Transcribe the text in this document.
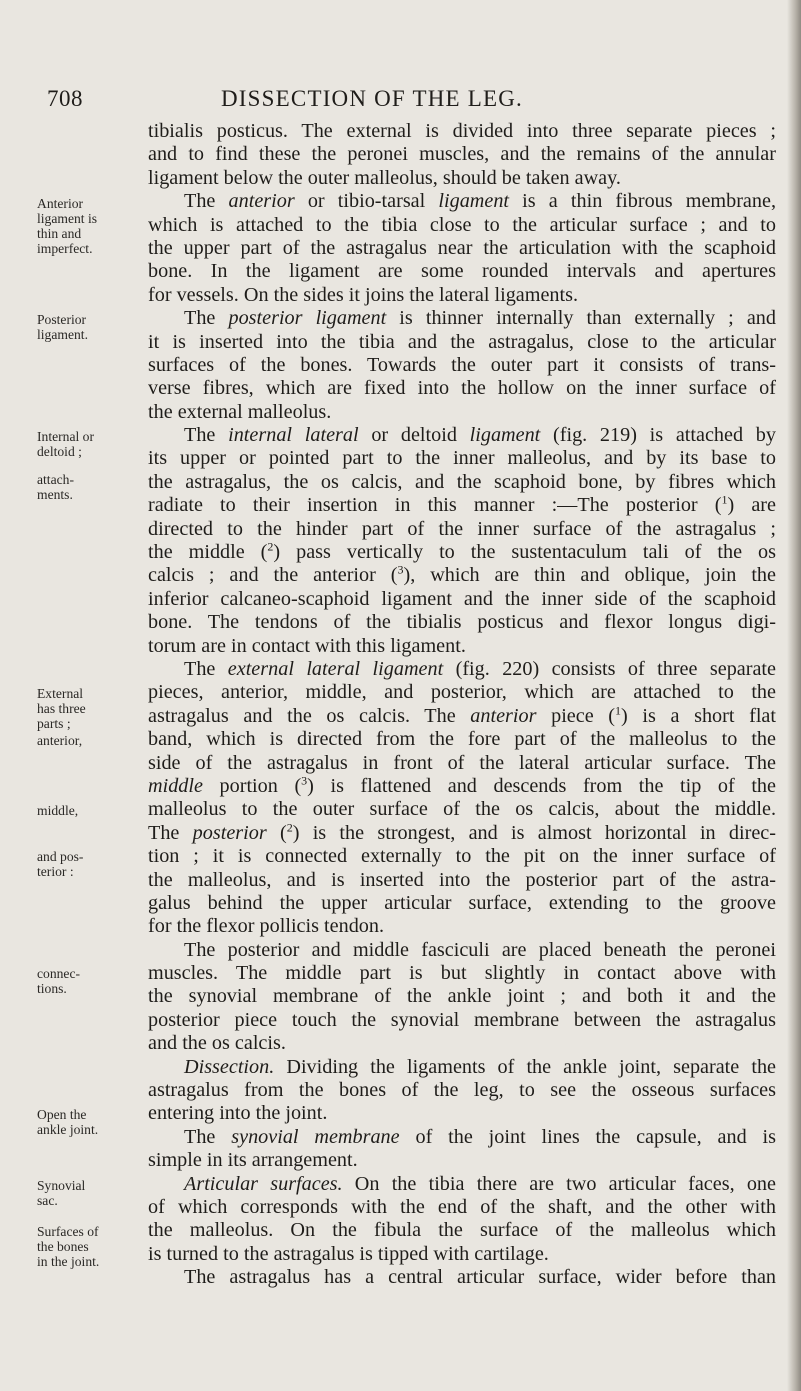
708	DISSECTION OF THE LEG.
Anterior
ligament is
thin and
imperfect.
Posterior
ligament.
Internal or
deltoid ;
attach-
ments.
External
has three
parts ;
anterior,
middle,
and pos-
terior :
connec-
tions.
Open the
ankle joint.
Synovial
sac.
Surfaces of
the bones
in the joint.
tibialis posticus. The external is divided into three separate pieces ;
and to find these the peronei muscles, and the remains of the annular
ligament below the outer malleolus, should be taken away.
The anterior or tibio-tarsal ligament is a thin fibrous membrane,
which is attached to the tibia close to the articular surface ; and to
the upper part of the astragalus near the articulation with the scaphoid
bone. In the ligament are some rounded intervals and apertures
for vessels. On the sides it joins the lateral ligaments.
The posterior ligament is thinner internally than externally ; and
it is inserted into the tibia and the astragalus, close to the articular
surfaces of the bones. Towards the outer part it consists of trans-
verse fibres, which are fixed into the hollow on the inner surface of
the external malleolus.
The internal lateral or deltoid ligament (fig. 219) is attached by
its upper or pointed part to the inner malleolus, and by its base to
the astragalus, the os calcis, and the scaphoid bone, by fibres which
radiate to their insertion in this manner :—The posterior ($^1$) are
directed to the hinder part of the inner surface of the astragalus ;
the middle ($^2$) pass vertically to the sustentaculum tali of the os
calcis ; and the anterior ($^3$), which are thin and oblique, join the
inferior calcaneo-scaphoid ligament and the inner side of the scaphoid
bone. The tendons of the tibialis posticus and flexor longus digi-
torum are in contact with this ligament.
The external lateral ligament (fig. 220) consists of three separate
pieces, anterior, middle, and posterior, which are attached to the
astragalus and the os calcis. The anterior piece ($^1$) is a short flat
band, which is directed from the fore part of the malleolus to the
side of the astragalus in front of the lateral articular surface. The
middle portion ($^3$) is flattened and descends from the tip of the
malleolus to the outer surface of the os calcis, about the middle.
The posterior ($^2$) is the strongest, and is almost horizontal in direc-
tion ; it is connected externally to the pit on the inner surface of
the malleolus, and is inserted into the posterior part of the astra-
galus behind the upper articular surface, extending to the groove
for the flexor pollicis tendon.
The posterior and middle fasciculi are placed beneath the peronei
muscles. The middle part is but slightly in contact above with
the synovial membrane of the ankle joint ; and both it and the
posterior piece touch the synovial membrane between the astragalus
and the os calcis.
Dissection. Dividing the ligaments of the ankle joint, separate the
astragalus from the bones of the leg, to see the osseous surfaces
entering into the joint.
The synovial membrane of the joint lines the capsule, and is
simple in its arrangement.
Articular surfaces. On the tibia there are two articular faces, one
of which corresponds with the end of the shaft, and the other with
the malleolus. On the fibula the surface of the malleolus which
is turned to the astragalus is tipped with cartilage.
The astragalus has a central articular surface, wider before than
